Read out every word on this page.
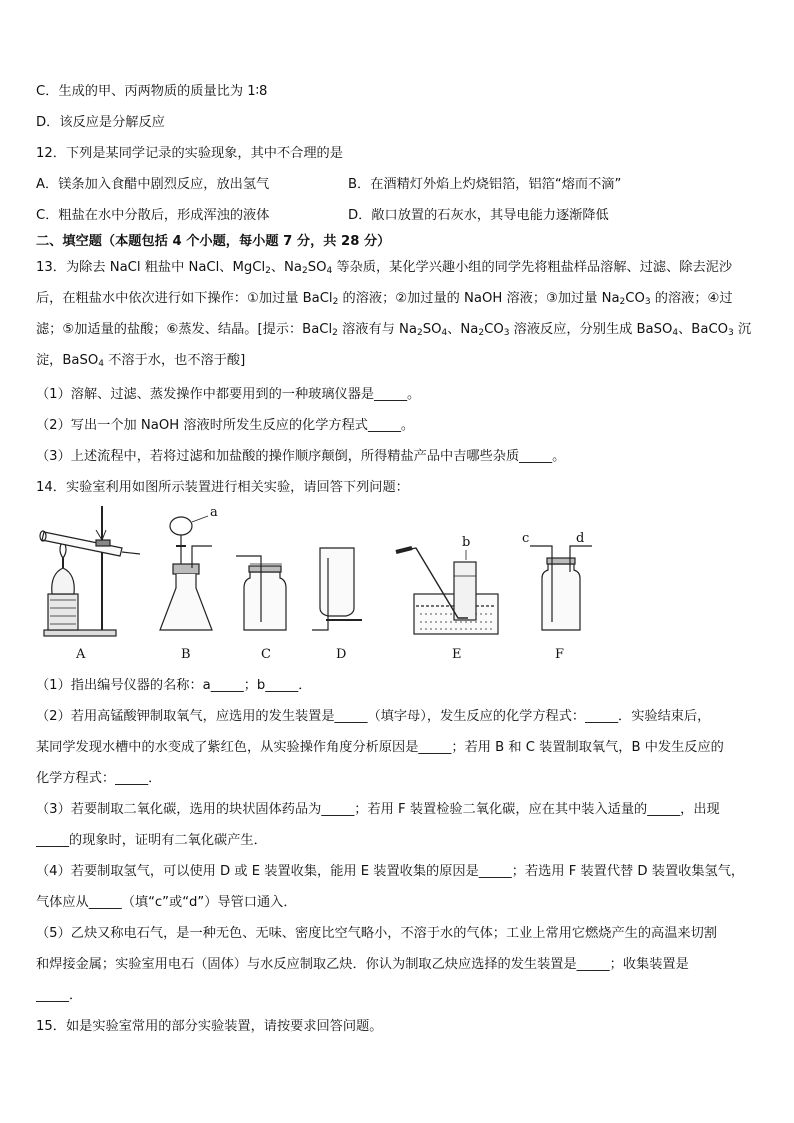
C．生成的甲、丙两物质的质量比为 1∶8
D．该反应是分解反应
12．下列是某同学记录的实验现象，其中不合理的是
A．镁条加入食醋中剧烈反应，放出氢气	B．在酒精灯外焰上灼烧铝箔，铝箔“熔而不滴”
C．粗盐在水中分散后，形成浑浊的液体	D．敞口放置的石灰水，其导电能力逐渐降低
二、填空题（本题包括 4 个小题，每小题 7 分，共 28 分）
13．为除去 NaCl 粗盐中 NaCl、MgCl$_2$、$Na_2SO_4$ 等杂质，某化学兴趣小组的同学先将粗盐样品溶解、过滤、除去泥沙
后，在粗盐水中依次进行如下操作：①加过量 BaCl$_2$ 的溶液；②加过量的 NaOH 溶液；③加过量 $Na_2CO_3$ 的溶液；④过
滤；⑤加适量的盐酸；⑥蒸发、结晶。[提示：BaCl$_2$ 溶液有与 $Na_2SO_4$、$Na_2CO_3$ 溶液反应，分别生成 BaSO$_4$、BaCO$_3$ 沉
淀，BaSO$_4$ 不溶于水，也不溶于酸]
（1）溶解、过滤、蒸发操作中都要用到的一种玻璃仪器是_____。
（2）写出一个加 NaOH 溶液时所发生反应的化学方程式_____。
（3）上述流程中，若将过滤和加盐酸的操作顺序颠倒，所得精盐产品中吉哪些杂质_____。
14．实验室利用如图所示装置进行相关实验，请回答下列问题：
a
b	c	d
A	B	C	D	E	F
（1）指出编号仪器的名称：a_____；b_____．
（2）若用高锰酸钾制取氧气，应选用的发生装置是_____（填字母），发生反应的化学方程式：_____．实验结束后，
某同学发现水槽中的水变成了紫红色，从实验操作角度分析原因是_____；若用 B 和 C 装置制取氧气，B 中发生反应的
化学方程式：_____．
（3）若要制取二氧化碳，选用的块状固体药品为_____；若用 F 装置检验二氧化碳，应在其中装入适量的_____，出现
_____的现象时，证明有二氧化碳产生．
（4）若要制取氢气，可以使用 D 或 E 装置收集，能用 E 装置收集的原因是_____；若选用 F 装置代替 D 装置收集氢气，
气体应从_____（填“c”或“d”）导管口通入．
（5）乙炔又称电石气，是一种无色、无味、密度比空气略小，不溶于水的气体；工业上常用它燃烧产生的高温来切割
和焊接金属；实验室用电石（固体）与水反应制取乙炔．你认为制取乙炔应选择的发生装置是_____；收集装置是
_____．
15．如是实验室常用的部分实验装置，请按要求回答问题。
